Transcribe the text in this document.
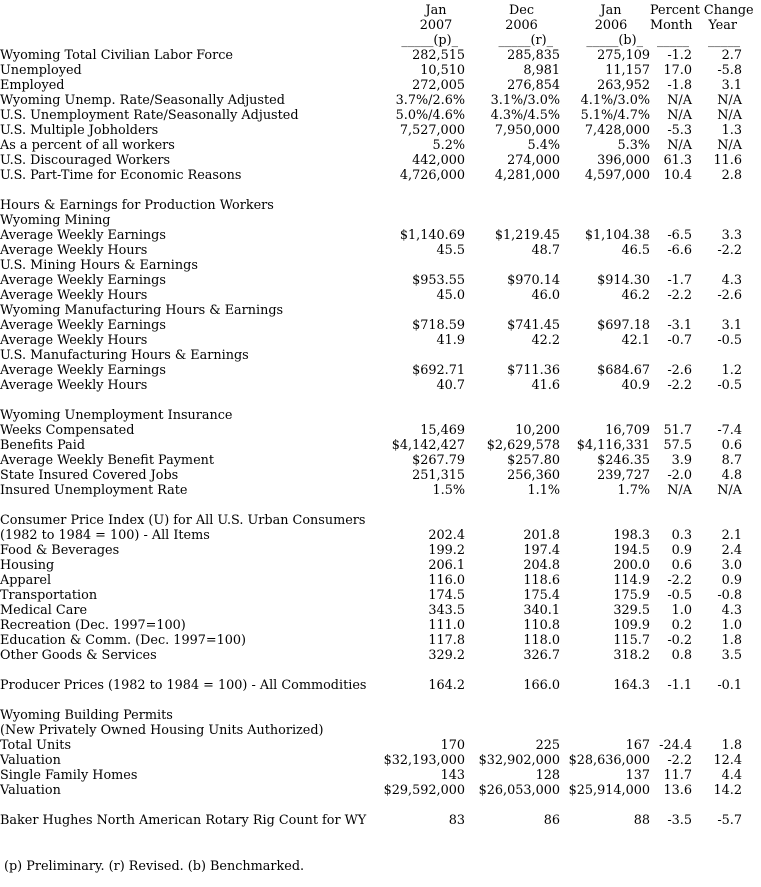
	Jan	Dec	Jan	Percent Change	
	2007	2006	2006	Month	Year
	_____(p)_	_____(r)_	_____(b)_	_____	_____
Wyoming Total Civilian Labor Force	282,515	285,835	275,109	-1.2	2.7
Unemployed	10,510	8,981	11,157	17.0	-5.8
Employed	272,005	276,854	263,952	-1.8	3.1
Wyoming Unemp. Rate/Seasonally Adjusted	3.7%/2.6%	3.1%/3.0%	4.1%/3.0%	N/A	N/A
U.S. Unemployment Rate/Seasonally Adjusted	5.0%/4.6%	4.3%/4.5%	5.1%/4.7%	N/A	N/A
U.S. Multiple Jobholders	7,527,000	7,950,000	7,428,000	-5.3	1.3
As a percent of all workers	5.2%	5.4%	5.3%	N/A	N/A
U.S. Discouraged Workers	442,000	274,000	396,000	61.3	11.6
U.S. Part-Time for Economic Reasons	4,726,000	4,281,000	4,597,000	10.4	2.8

Hours & Earnings for Production Workers					
Wyoming Mining					
Average Weekly Earnings	$1,140.69	$1,219.45	$1,104.38	-6.5	3.3
Average Weekly Hours	45.5	48.7	46.5	-6.6	-2.2
U.S. Mining Hours & Earnings					
Average Weekly Earnings	$953.55	$970.14	$914.30	-1.7	4.3
Average Weekly Hours	45.0	46.0	46.2	-2.2	-2.6
Wyoming Manufacturing Hours & Earnings					
Average Weekly Earnings	$718.59	$741.45	$697.18	-3.1	3.1
Average Weekly Hours	41.9	42.2	42.1	-0.7	-0.5
U.S. Manufacturing Hours & Earnings					
Average Weekly Earnings	$692.71	$711.36	$684.67	-2.6	1.2
Average Weekly Hours	40.7	41.6	40.9	-2.2	-0.5

Wyoming Unemployment Insurance					
Weeks Compensated	15,469	10,200	16,709	51.7	-7.4
Benefits Paid	$4,142,427	$2,629,578	$4,116,331	57.5	0.6
Average Weekly Benefit Payment	$267.79	$257.80	$246.35	3.9	8.7
State Insured Covered Jobs	251,315	256,360	239,727	-2.0	4.8
Insured Unemployment Rate	1.5%	1.1%	1.7%	N/A	N/A

Consumer Price Index (U) for All U.S. Urban Consumers					
(1982 to 1984 = 100) - All Items	202.4	201.8	198.3	0.3	2.1
Food & Beverages	199.2	197.4	194.5	0.9	2.4
Housing	206.1	204.8	200.0	0.6	3.0
Apparel	116.0	118.6	114.9	-2.2	0.9
Transportation	174.5	175.4	175.9	-0.5	-0.8
Medical Care	343.5	340.1	329.5	1.0	4.3
Recreation (Dec. 1997=100)	111.0	110.8	109.9	0.2	1.0
Education & Comm. (Dec. 1997=100)	117.8	118.0	115.7	-0.2	1.8
Other Goods & Services	329.2	326.7	318.2	0.8	3.5

Producer Prices (1982 to 1984 = 100) - All Commodities	164.2	166.0	164.3	-1.1	-0.1

Wyoming Building Permits					
(New Privately Owned Housing Units Authorized)					
Total Units	170	225	167	-24.4	1.8
Valuation	$32,193,000	$32,902,000	$28,636,000	-2.2	12.4
Single Family Homes	143	128	137	11.7	4.4
Valuation	$29,592,000	$26,053,000	$25,914,000	13.6	14.2

Baker Hughes North American Rotary Rig Count for WY	83	86	88	-3.5	-5.7

(p) Preliminary. (r) Revised. (b) Benchmarked.
